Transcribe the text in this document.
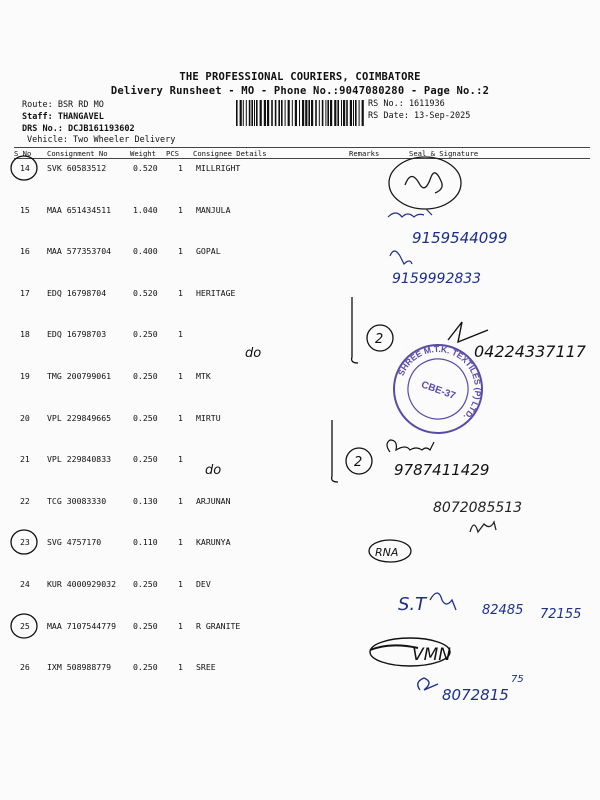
THE PROFESSIONAL COURIERS, COIMBATORE
Delivery Runsheet - MO - Phone No.:9047080280 - Page No.:2
Route: BSR RD MO
Staff: THANGAVEL
DRS No.: DCJB161193602
Vehicle: Two Wheeler Delivery
RS No.: 1611936
RS Date: 13-Sep-2025
S No Consignment No	Weight PCS Consignee Details	Remarks	Seal & Signature
14 SVK 60583512	0.520 1 MILLRIGHT
15 MAA 651434511	1.040 1 MANJULA
16 MAA 577353704	0.400 1 GOPAL
17 EDQ 16798704	0.520 1 HERITAGE
18 EDQ 16798703	0.250 1
19 TMG 200799061	0.250 1 MTK
20 VPL 229849665	0.250 1 MIRTU
21 VPL 229840833	0.250 1
22 TCG 30083330	0.130 1 ARJUNAN
23 SVG 4757170	0.110 1 KARUNYA
24 KUR 4000929032 0.250 1 DEV
25 MAA 7107544779 0.250 1 R GRANITE
26 IXM 508988779	0.250 1 SREE
9159544099
9159992833
2
do	04224337117
SHREE M.T.K. TEXTILES (P) LTD.
CBE-37
2 9787411429
do
8072085513
RNA
S.T	82485 72155
VMN
8072815
75
